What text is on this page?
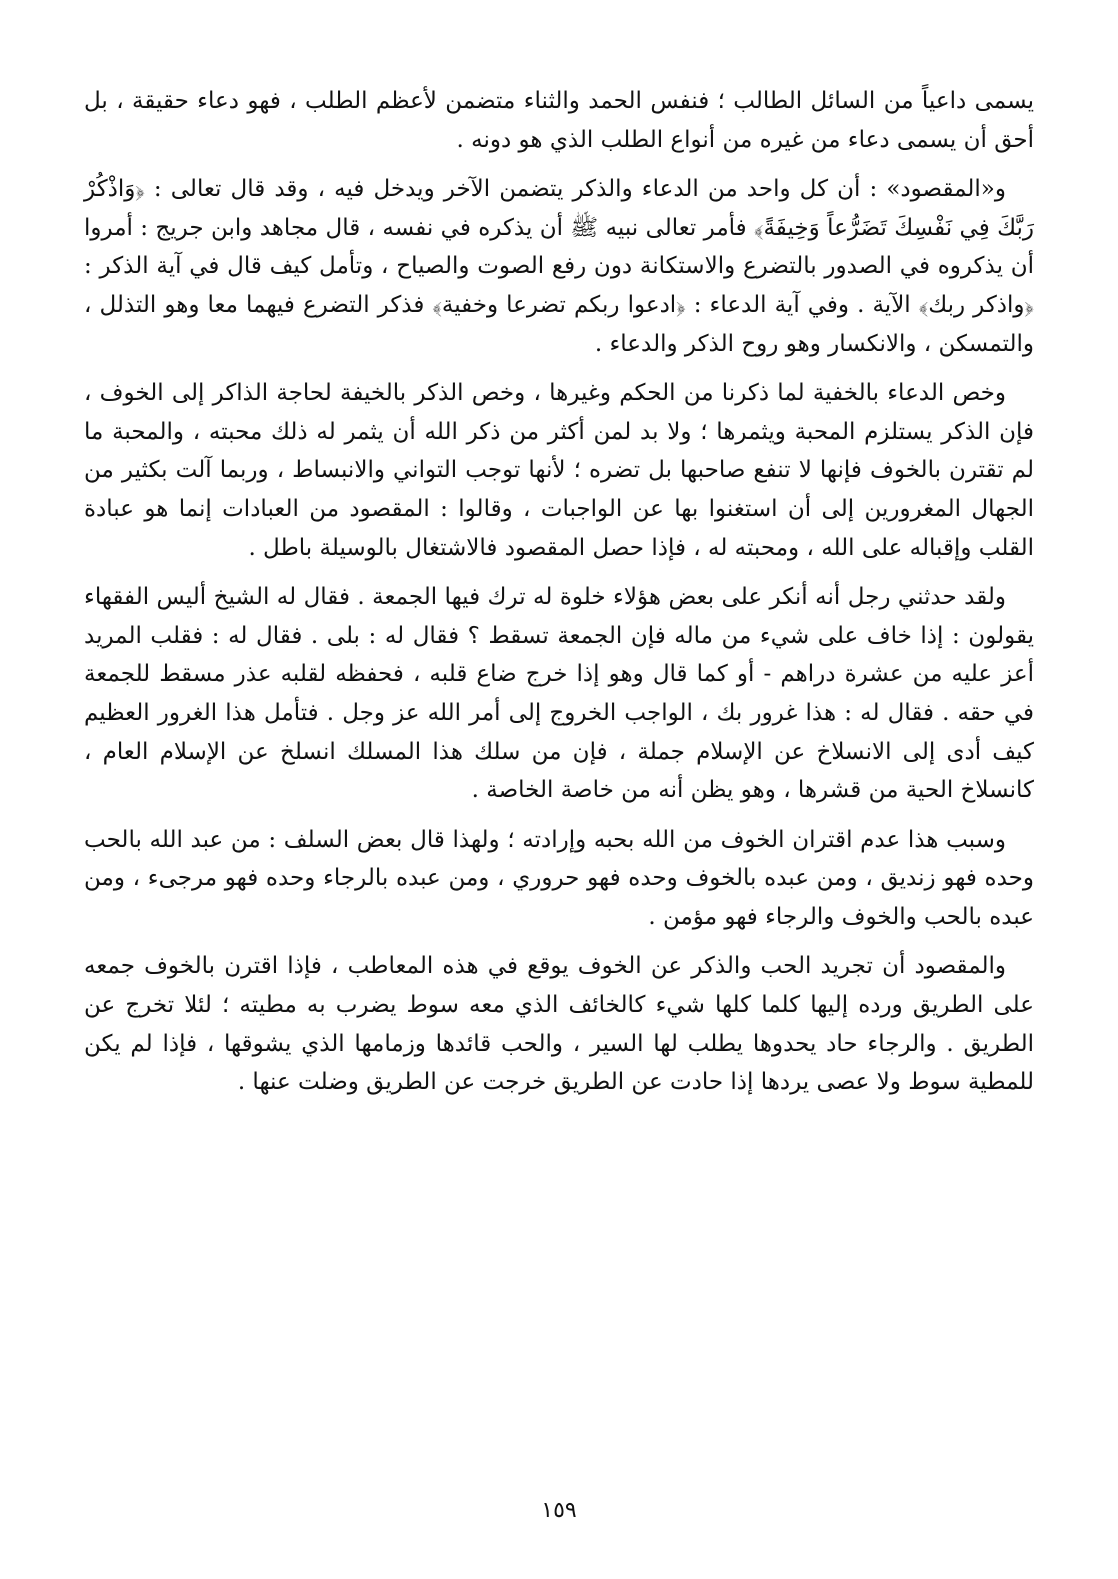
يسمى داعياً من السائل الطالب ؛ فنفس الحمد والثناء متضمن لأعظم الطلب ، فهو دعاء حقيقة ، بل أحق أن يسمى دعاء من غيره من أنواع الطلب الذي هو دونه .

و«المقصود» : أن كل واحد من الدعاء والذكر يتضمن الآخر ويدخل فيه ، وقد قال تعالى : ﴿وَاذْكُرْ رَبَّكَ فِي نَفْسِكَ تَضَرُّعاً وَخِيفَةً﴾ فأمر تعالى نبيه ﷺ أن يذكره في نفسه ، قال مجاهد وابن جريج : أمروا أن يذكروه في الصدور بالتضرع والاستكانة دون رفع الصوت والصياح ، وتأمل كيف قال في آية الذكر : ﴿واذكر ربك﴾ الآية . وفي آية الدعاء : ﴿ادعوا ربكم تضرعا وخفية﴾ فذكر التضرع فيهما معا وهو التذلل ، والتمسكن ، والانكسار وهو روح الذكر والدعاء .

وخص الدعاء بالخفية لما ذكرنا من الحكم وغيرها ، وخص الذكر بالخيفة لحاجة الذاكر إلى الخوف ، فإن الذكر يستلزم المحبة ويثمرها ؛ ولا بد لمن أكثر من ذكر الله أن يثمر له ذلك محبته ، والمحبة ما لم تقترن بالخوف فإنها لا تنفع صاحبها بل تضره ؛ لأنها توجب التواني والانبساط ، وربما آلت بكثير من الجهال المغرورين إلى أن استغنوا بها عن الواجبات ، وقالوا : المقصود من العبادات إنما هو عبادة القلب وإقباله على الله ، ومحبته له ، فإذا حصل المقصود فالاشتغال بالوسيلة باطل .

ولقد حدثني رجل أنه أنكر على بعض هؤلاء خلوة له ترك فيها الجمعة . فقال له الشيخ أليس الفقهاء يقولون : إذا خاف على شيء من ماله فإن الجمعة تسقط ؟ فقال له : بلى . فقال له : فقلب المريد أعز عليه من عشرة دراهم - أو كما قال وهو إذا خرج ضاع قلبه ، فحفظه لقلبه عذر مسقط للجمعة في حقه . فقال له : هذا غرور بك ، الواجب الخروج إلى أمر الله عز وجل . فتأمل هذا الغرور العظيم كيف أدى إلى الانسلاخ عن الإسلام جملة ، فإن من سلك هذا المسلك انسلخ عن الإسلام العام ، كانسلاخ الحية من قشرها ، وهو يظن أنه من خاصة الخاصة .

وسبب هذا عدم اقتران الخوف من الله بحبه وإرادته ؛ ولهذا قال بعض السلف : من عبد الله بالحب وحده فهو زنديق ، ومن عبده بالخوف وحده فهو حروري ، ومن عبده بالرجاء وحده فهو مرجىء ، ومن عبده بالحب والخوف والرجاء فهو مؤمن .

والمقصود أن تجريد الحب والذكر عن الخوف يوقع في هذه المعاطب ، فإذا اقترن بالخوف جمعه على الطريق ورده إليها كلما كلها شيء كالخائف الذي معه سوط يضرب به مطيته ؛ لئلا تخرج عن الطريق . والرجاء حاد يحدوها يطلب لها السير ، والحب قائدها وزمامها الذي يشوقها ، فإذا لم يكن للمطية سوط ولا عصى يردها إذا حادت عن الطريق خرجت عن الطريق وضلت عنها .

١٥٩
